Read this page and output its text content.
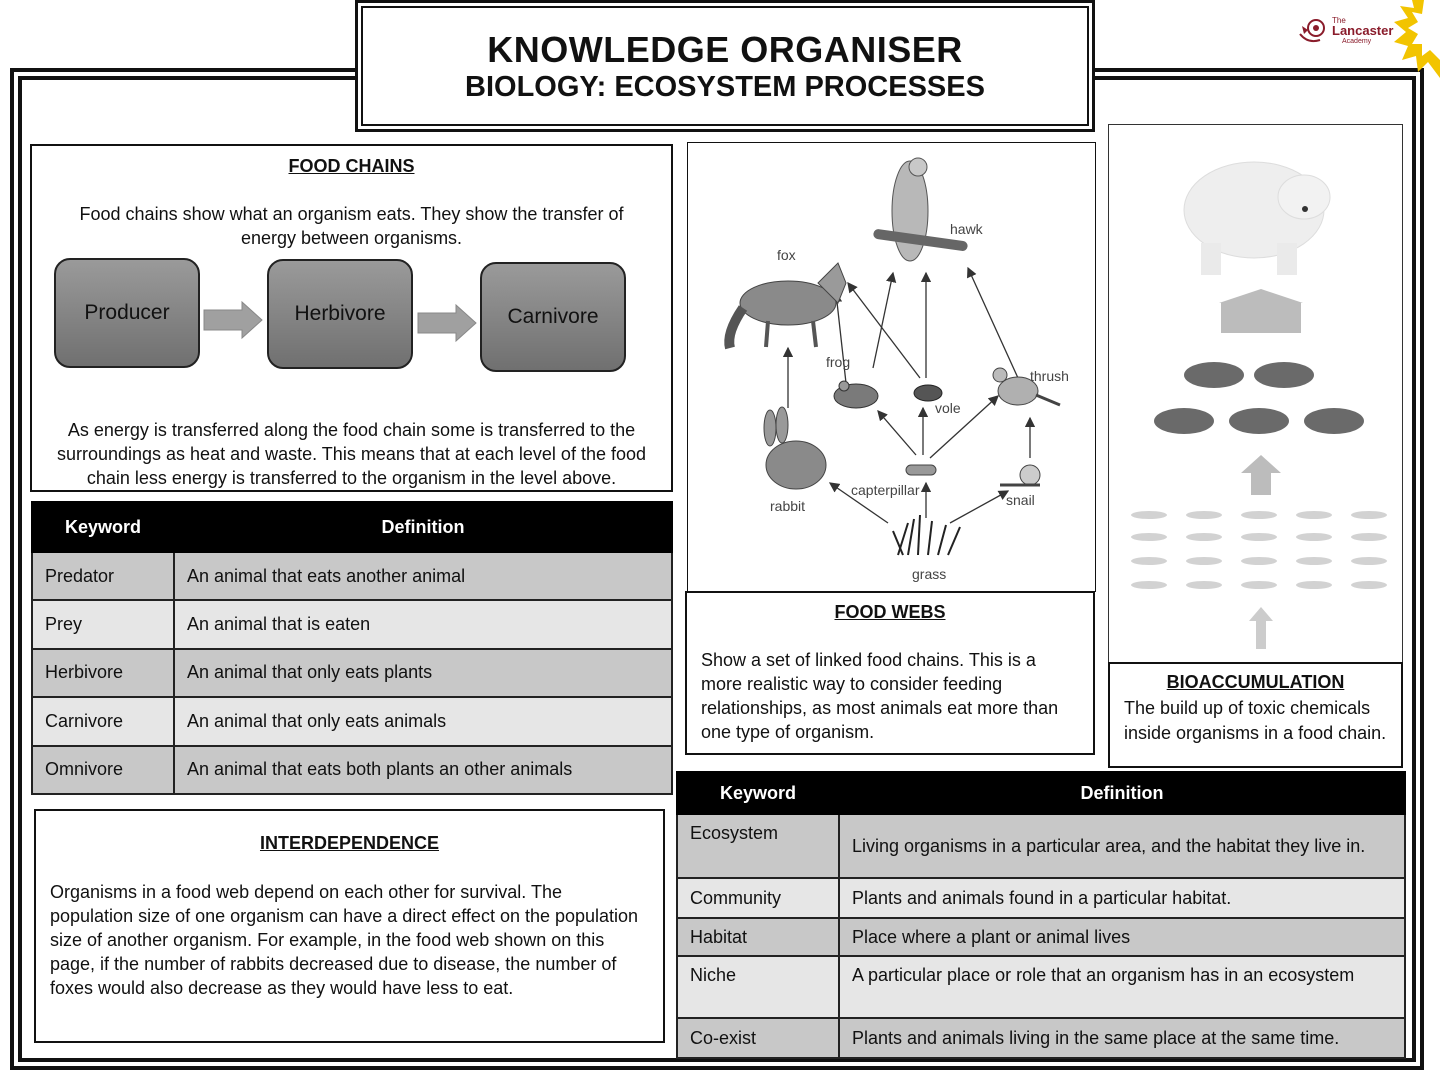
The
Lancaster
Academy
KNOWLEDGE ORGANISER
BIOLOGY: ECOSYSTEM PROCESSES
FOOD CHAINS
Food chains show what an organism eats. They show the transfer of energy between organisms.
Producer	Herbivore	Carnivore
As energy is transferred along the food chain some is transferred to the surroundings as heat and waste. This means that at each level of the food chain less energy is transferred to the organism in the level above.
Keyword	Definition
Predator	An animal that eats another animal
Prey	An animal that is eaten
Herbivore	An animal that only eats plants
Carnivore	An animal that only eats animals
Omnivore	An animal that eats both plants an other animals
INTERDEPENDENCE
Organisms in a food web depend on each other for survival. The population size of one organism can have a direct effect on the population size of another organism. For example, in the food web shown on this page, if the number of rabbits decreased due to disease, the number of foxes would also decrease as they would have less to eat.
hawk
fox
frog
vole
thrush
rabbit
capterpillar
snail
grass
FOOD WEBS
Show a set of linked food chains. This is a more realistic way to consider feeding relationships, as most animals eat more than one type of organism.
BIOACCUMULATION
The build up of toxic chemicals inside organisms in a food chain.
Keyword	Definition
Ecosystem	Living organisms in a particular area, and the habitat they live in.
Community	Plants and animals found in a particular habitat.
Habitat	Place where a plant or animal lives
Niche	A particular place or role that an organism has in an ecosystem
Co-exist	Plants and animals living in the same place at the same time.
